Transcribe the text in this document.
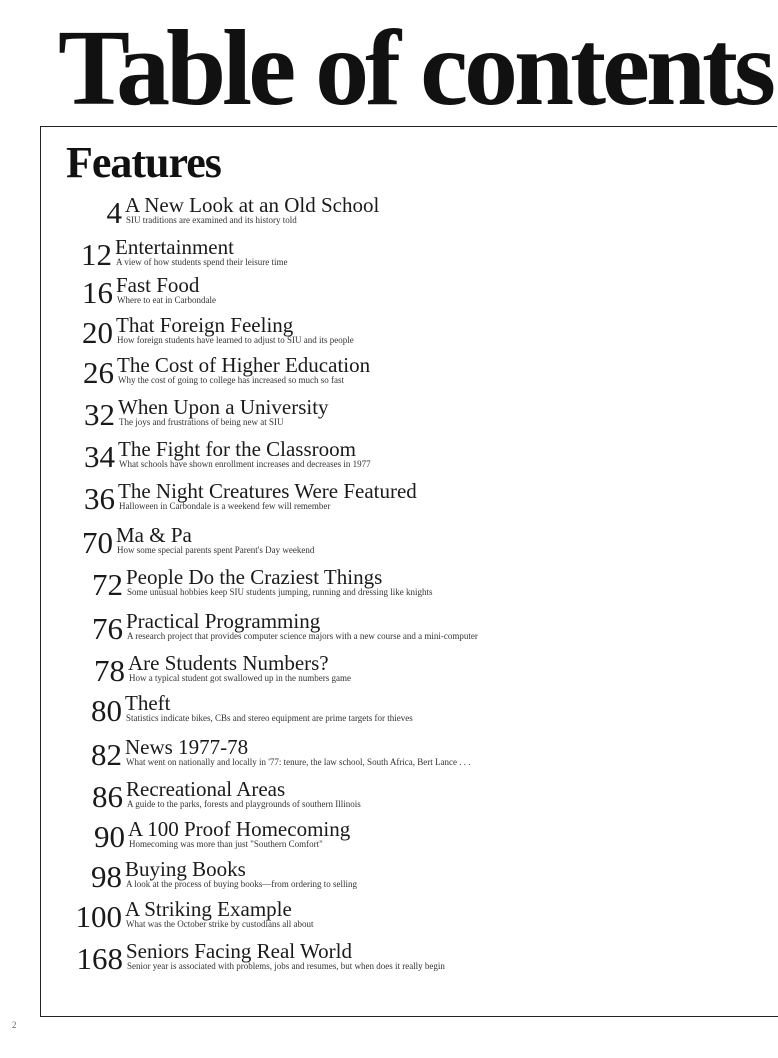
Table of contents
Features
4 A New Look at an Old School
SIU traditions are examined and its history told
12 Entertainment
A view of how students spend their leisure time
16 Fast Food
Where to eat in Carbondale
20 That Foreign Feeling
How foreign students have learned to adjust to SIU and its people
26 The Cost of Higher Education
Why the cost of going to college has increased so much so fast
32 When Upon a University
The joys and frustrations of being new at SIU
34 The Fight for the Classroom
What schools have shown enrollment increases and decreases in 1977
36 The Night Creatures Were Featured
Halloween in Carbondale is a weekend few will remember
70 Ma & Pa
How some special parents spent Parent's Day weekend
72 People Do the Craziest Things
Some unusual hobbies keep SIU students jumping, running and dressing like knights
76 Practical Programming
A research project that provides computer science majors with a new course and a mini-computer
78 Are Students Numbers?
How a typical student got swallowed up in the numbers game
80 Theft
Statistics indicate bikes, CBs and stereo equipment are prime targets for thieves
82 News 1977-78
What went on nationally and locally in '77: tenure, the law school, South Africa, Bert Lance . . .
86 Recreational Areas
A guide to the parks, forests and playgrounds of southern Illinois
90 A 100 Proof Homecoming
Homecoming was more than just "Southern Comfort"
98 Buying Books
A look at the process of buying books—from ordering to selling
100 A Striking Example
What was the October strike by custodians all about
168 Seniors Facing Real World
Senior year is associated with problems, jobs and resumes, but when does it really begin
2
